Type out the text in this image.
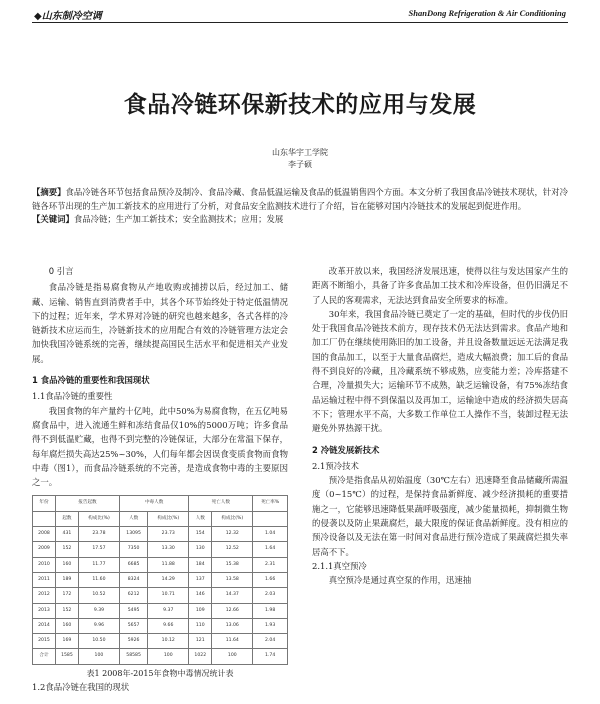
◆山东制冷空调	ShanDong Refrigeration & Air Conditioning
食品冷链环保新技术的应用与发展
山东华宇工学院
李子硕
【摘要】食品冷链各环节包括食品预冷及制冷、食品冷藏、食品低温运输及食品的低温销售四个方面。本文分析了我国食品冷链技术现状，针对冷链各环节出现的生产加工新技术的应用进行了分析，对食品安全监测技术进行了介绍，旨在能够对国内冷链技术的发展起到促进作用。
【关键词】食品冷链；生产加工新技术；安全监测技术；应用；发展

0 引言

食品冷链是指易腐食物从产地收购或捕捞以后，经过加工、储藏、运输、销售直到消费者手中，其各个环节始终处于特定低温情况下的过程；近年来，学术界对冷链的研究也越来越多，各式各样的冷链新技术应运而生，冷链新技术的应用配合有效的冷链管理方法定会加快我国冷链系统的完善，继续提高国民生活水平和促进相关产业发展。

1 食品冷链的重要性和我国现状

1.1食品冷链的重要性

我国食物的年产量约十亿吨，此中50%为易腐食物，在五亿吨易腐食品中，进入流通生鲜和冻结食品仅10%的5000万吨；许多食品得不到低温贮藏，也得不到完整的冷链保证，大部分在常温下保存，每年腐烂损失高达25%~30%，人们每年都会因误食变质食物而食物中毒（图1），而食品冷链系统的不完善，是造成食物中毒的主要原因之一。

年份	报告起数		中毒人数		死亡人数		死亡率%
	起数	构成比(%)	人数	构成比(%)	人数	构成比(%)	
2008	431	23.78	13095	23.73	154	12.32	1.04
2009	152	17.57	7350	13.30	130	12.52	1.64
2010	160	11.77	6685	11.88	184	15.38	2.31
2011	189	11.60	8324	14.29	137	13.58	1.66
2012	172	10.52	6212	10.71	146	14.37	2.03
2013	152	9.39	5495	9.37	109	12.66	1.98
2014	160	9.96	5657	9.66	110	13.06	1.93
2015	169	10.50	5926	10.12	121	11.64	2.04
合计	1585	100	58585	100	1022	100	1.74
表1 2008年-2015年食物中毒情况统计表

1.2食品冷链在我国的现状

改革开放以来，我国经济发展迅速，使得以往与发达国家产生的距离不断缩小，具备了许多食品加工技术和冷库设备，但仍旧满足不了人民的客观需求，无法达到食品安全所要求的标准。

30年来，我国食品冷链已奠定了一定的基础，但时代的步伐仍旧处于我国食品冷链技术前方，现存技术仍无法达到需求。食品产地和加工厂仍在继续使用陈旧的加工设备，并且设备数量远远无法满足我国的食品加工，以至于大量食品腐烂，造成大幅浪费；加工后的食品得不到良好的冷藏，且冷藏系统不够成熟，应变能力差；冷库搭建不合理，冷量损失大；运输环节不成熟，缺乏运输设备，有75%冻结食品运输过程中得不到保温以及再加工，运输途中造成的经济损失居高不下；管理水平不高，大多数工作单位工人操作不当，装卸过程无法避免外界热源干扰。

2 冷链发展新技术

2.1预冷技术

预冷是指食品从初始温度（30℃左右）迅速降至食品储藏所需温度（0~15℃）的过程，是保持食品新鲜度、减少经济损耗的重要措施之一，它能够迅速降低果蔬呼吸强度，减少能量损耗，抑制微生物的侵袭以及防止果蔬腐烂，最大限度的保证食品新鲜度。没有相应的预冷设备以及无法在第一时间对食品进行预冷造成了果蔬腐烂损失率居高不下。

2.1.1真空预冷

真空预冷是通过真空泵的作用，迅速抽
